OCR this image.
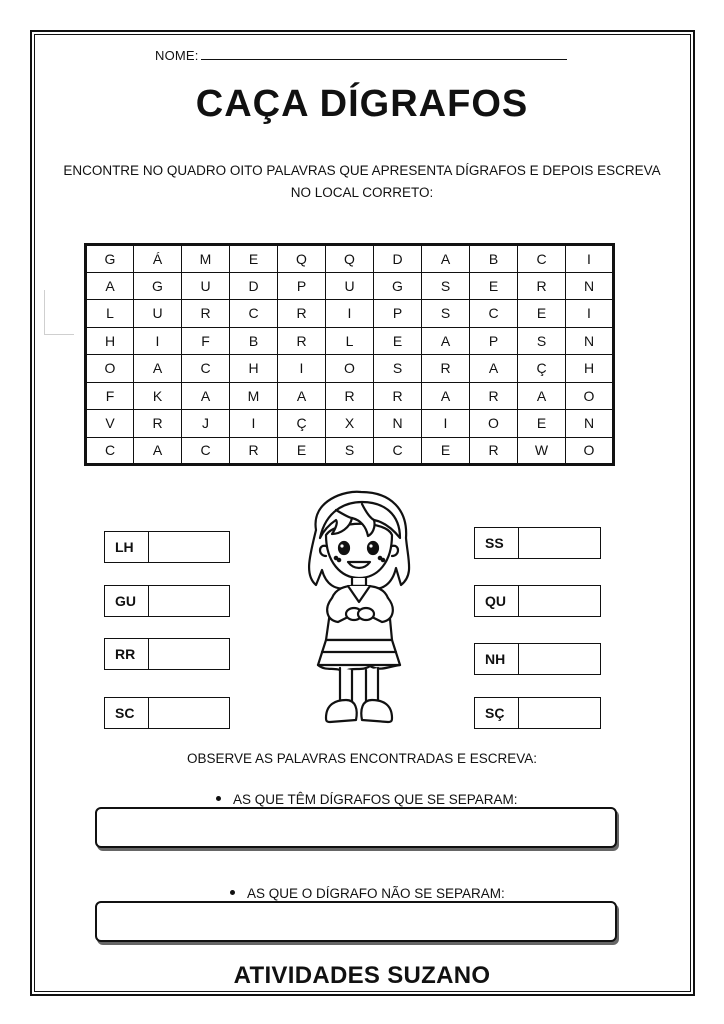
NOME:
CAÇA DÍGRAFOS
ENCONTRE NO QUADRO OITO PALAVRAS QUE APRESENTA DÍGRAFOS E DEPOIS ESCREVA
NO LOCAL CORRETO:
G	Á	M	E	Q	Q	D	A	B	C	I
A	G	U	D	P	U	G	S	E	R	N
L	U	R	C	R	I	P	S	C	E	I
H	I	F	B	R	L	E	A	P	S	N
O	A	C	H	I	O	S	R	A	Ç	H
F	K	A	M	A	R	R	A	R	A	O
V	R	J	I	Ç	X	N	I	O	E	N
C	A	C	R	E	S	C	E	R	W	O
LH
GU
RR
SC
SS
QU
NH
SÇ
OBSERVE AS PALAVRAS ENCONTRADAS E ESCREVA:
AS QUE TÊM DÍGRAFOS QUE SE SEPARAM:
AS QUE O DÍGRAFO NÃO SE SEPARAM:
ATIVIDADES SUZANO
